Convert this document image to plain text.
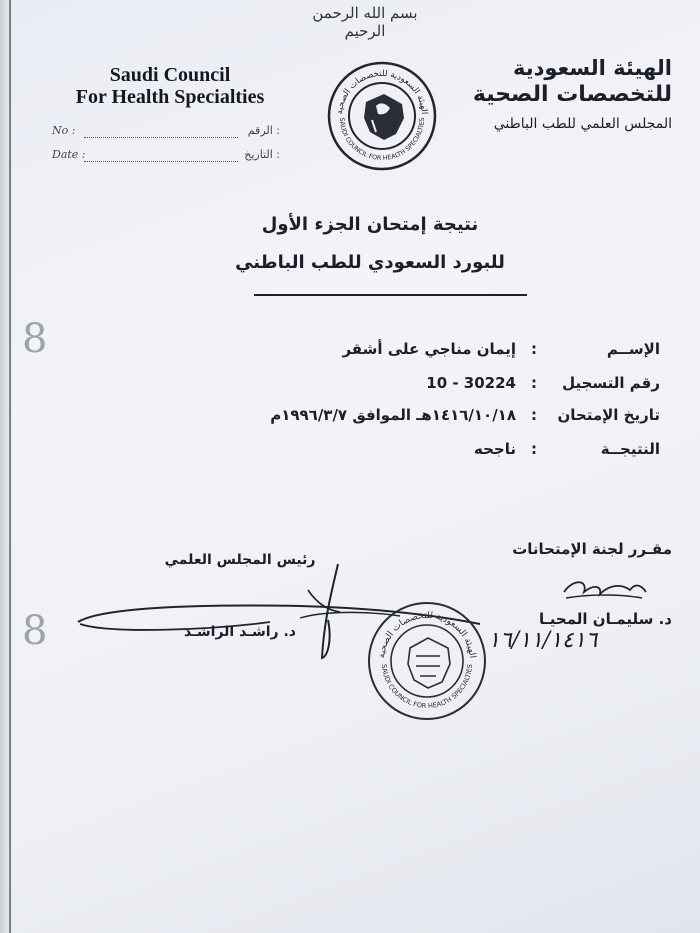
8
8
بسم الله الرحمن الرحيم
Saudi Council
For Health Specialties
No :	الرقم :
Date :	التاريخ :
الهيئة السعودية للتخصصات الصحية
SAUDI COUNCIL FOR HEALTH SPECIALTIES
الهيئة السعودية
للتخصصات الصحية
المجلس العلمي للطب الباطني
نتيجة إمتحان الجزء الأول
للبورد السعودي للطب الباطني
الإســم:إيمان مناجي على أشقر
رقم التسجيل:10 - 30224
تاريخ الإمتحان:١٤١٦/١٠/١٨هـ الموافق ١٩٩٦/٣/٧م
النتيجــة:ناجحه
رئيس المجلس العلمي
مقـرر لجنة الإمتحانات
د. راشـد الراشـد
د. سليمـان المحيـا
١٦/١١/١٤١٦
الهيئة السعودية للتخصصات الصحية
SAUDI COUNCIL FOR HEALTH SPECIALTIES
